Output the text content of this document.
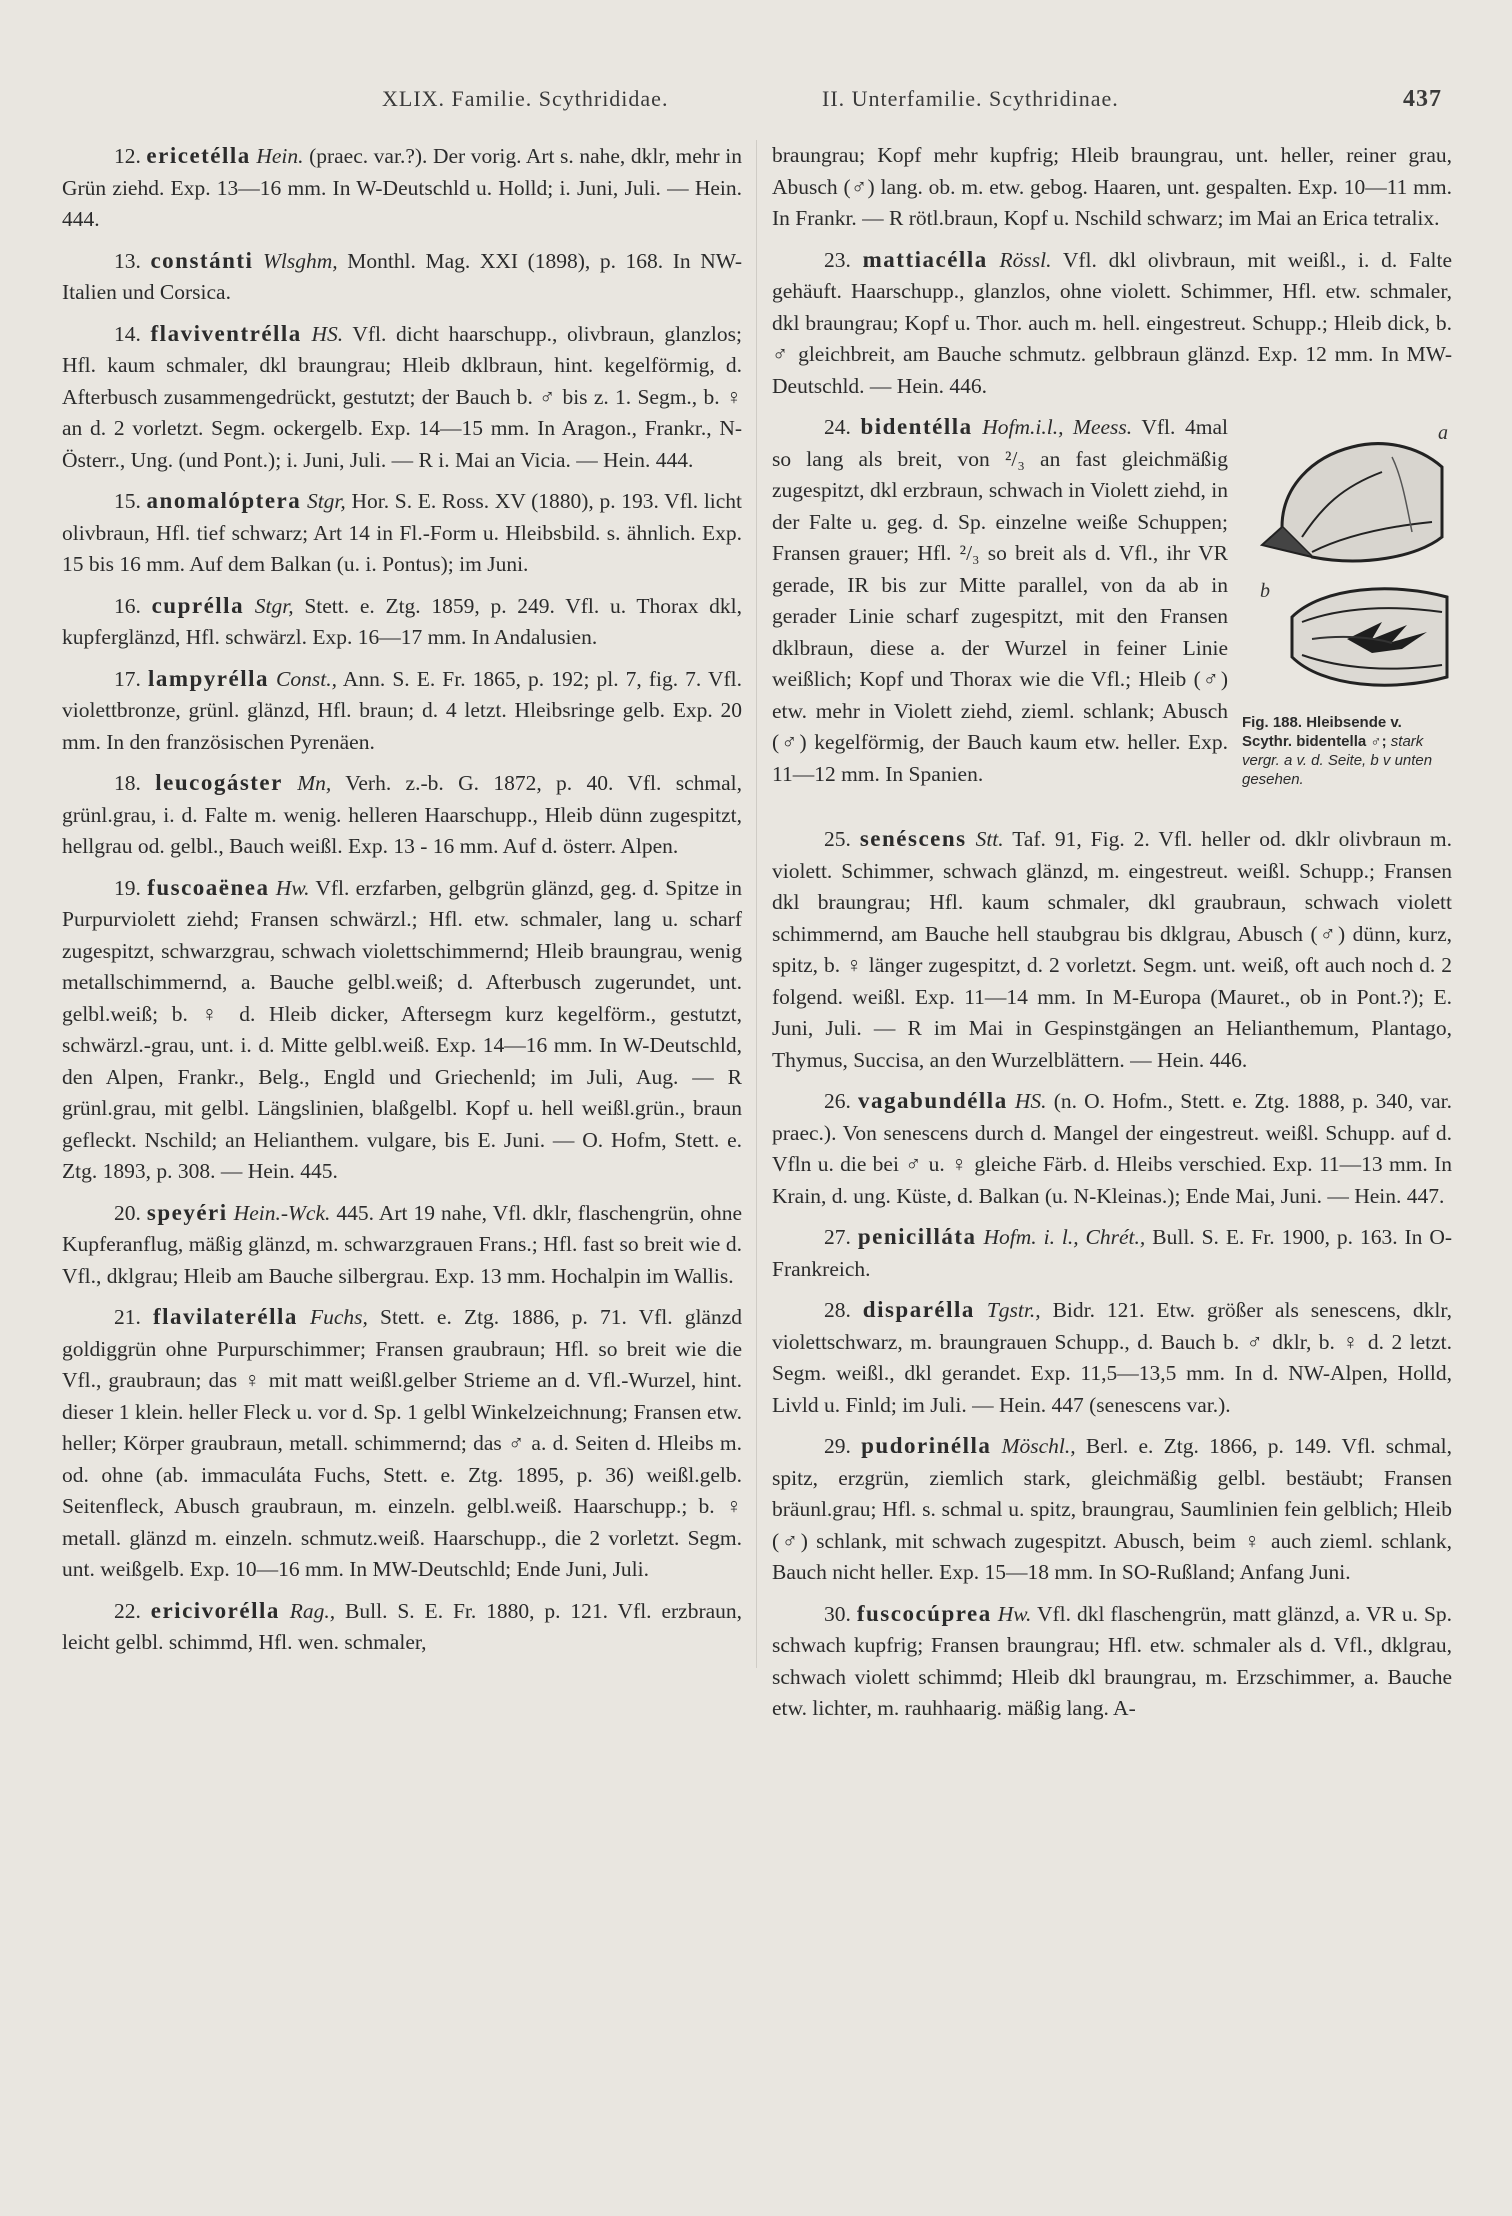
XLIX. Familie. Scythrididae.	II. Unterfamilie. Scythridinae.	437

12. ericetélla Hein. (praec. var.?). Der vorig. Art s. nahe, dklr, mehr in Grün ziehd. Exp. 13—16 mm. In W-Deutschld u. Holld; i. Juni, Juli. — Hein. 444.

13. constánti Wlsghm, Monthl. Mag. XXI (1898), p. 168. In NW-Italien und Corsica.

14. flaviventrélla HS. Vfl. dicht haarschupp., olivbraun, glanzlos; Hfl. kaum schmaler, dkl braungrau; Hleib dklbraun, hint. kegelförmig, d. Afterbusch zusammengedrückt, gestutzt; der Bauch b. ♂ bis z. 1. Segm., b. ♀ an d. 2 vorletzt. Segm. ockergelb. Exp. 14—15 mm. In Aragon., Frankr., N-Österr., Ung. (und Pont.); i. Juni, Juli. — R i. Mai an Vicia. — Hein. 444.

15. anomalóptera Stgr, Hor. S. E. Ross. XV (1880), p. 193. Vfl. licht olivbraun, Hfl. tief schwarz; Art 14 in Fl.-Form u. Hleibsbild. s. ähnlich. Exp. 15 bis 16 mm. Auf dem Balkan (u. i. Pontus); im Juni.

16. cuprélla Stgr, Stett. e. Ztg. 1859, p. 249. Vfl. u. Thorax dkl, kupferglänzd, Hfl. schwärzl. Exp. 16—17 mm. In Andalusien.

17. lampyrélla Const., Ann. S. E. Fr. 1865, p. 192; pl. 7, fig. 7. Vfl. violettbronze, grünl. glänzd, Hfl. braun; d. 4 letzt. Hleibsringe gelb. Exp. 20 mm. In den französischen Pyrenäen.

18. leucogáster Mn, Verh. z.-b. G. 1872, p. 40. Vfl. schmal, grünl.grau, i. d. Falte m. wenig. helleren Haarschupp., Hleib dünn zugespitzt, hellgrau od. gelbl., Bauch weißl. Exp. 13 - 16 mm. Auf d. österr. Alpen.

19. fuscoaënea Hw. Vfl. erzfarben, gelbgrün glänzd, geg. d. Spitze in Purpurviolett ziehd; Fransen schwärzl.; Hfl. etw. schmaler, lang u. scharf zugespitzt, schwarzgrau, schwach violettschimmernd; Hleib braungrau, wenig metallschimmernd, a. Bauche gelbl.weiß; d. Afterbusch zugerundet, unt. gelbl.weiß; b. ♀ d. Hleib dicker, Aftersegm kurz kegelförm., gestutzt, schwärzl.-grau, unt. i. d. Mitte gelbl.weiß. Exp. 14—16 mm. In W-Deutschld, den Alpen, Frankr., Belg., Engld und Griechenld; im Juli, Aug. — R grünl.grau, mit gelbl. Längslinien, blaßgelbl. Kopf u. hell weißl.grün., braun gefleckt. Nschild; an Helianthem. vulgare, bis E. Juni. — O. Hofm, Stett. e. Ztg. 1893, p. 308. — Hein. 445.

20. speyéri Hein.-Wck. 445. Art 19 nahe, Vfl. dklr, flaschengrün, ohne Kupferanflug, mäßig glänzd, m. schwarzgrauen Frans.; Hfl. fast so breit wie d. Vfl., dklgrau; Hleib am Bauche silbergrau. Exp. 13 mm. Hochalpin im Wallis.

21. flavilaterélla Fuchs, Stett. e. Ztg. 1886, p. 71. Vfl. glänzd goldiggrün ohne Purpurschimmer; Fransen graubraun; Hfl. so breit wie die Vfl., graubraun; das ♀ mit matt weißl.gelber Strieme an d. Vfl.-Wurzel, hint. dieser 1 klein. heller Fleck u. vor d. Sp. 1 gelbl Winkelzeichnung; Fransen etw. heller; Körper graubraun, metall. schimmernd; das ♂ a. d. Seiten d. Hleibs m. od. ohne (ab. immaculáta Fuchs, Stett. e. Ztg. 1895, p. 36) weißl.gelb. Seitenfleck, Abusch graubraun, m. einzeln. gelbl.weiß. Haarschupp.; b. ♀ metall. glänzd m. einzeln. schmutz.weiß. Haarschupp., die 2 vorletzt. Segm. unt. weißgelb. Exp. 10—16 mm. In MW-Deutschld; Ende Juni, Juli.

22. ericivorélla Rag., Bull. S. E. Fr. 1880, p. 121. Vfl. erzbraun, leicht gelbl. schimmd, Hfl. wen. schmaler,

braungrau; Kopf mehr kupfrig; Hleib braungrau, unt. heller, reiner grau, Abusch (♂) lang. ob. m. etw. gebog. Haaren, unt. gespalten. Exp. 10—11 mm. In Frankr. — R rötl.braun, Kopf u. Nschild schwarz; im Mai an Erica tetralix.

23. mattiacélla Rössl. Vfl. dkl olivbraun, mit weißl., i. d. Falte gehäuft. Haarschupp., glanzlos, ohne violett. Schimmer, Hfl. etw. schmaler, dkl braungrau; Kopf u. Thor. auch m. hell. eingestreut. Schupp.; Hleib dick, b. ♂ gleichbreit, am Bauche schmutz. gelbbraun glänzd. Exp. 12 mm. In MW-Deutschld. — Hein. 446.

a
b
Fig. 188. Hleibsende v. Scythr. bidentella ♂; stark vergr. a v. d. Seite, b v unten gesehen.

24. bidentélla Hofm.i.l., Meess. Vfl. 4mal so lang als breit, von ²/₃ an fast gleichmäßig zugespitzt, dkl erzbraun, schwach in Violett ziehd, in der Falte u. geg. d. Sp. einzelne weiße Schuppen; Fransen grauer; Hfl. ²/₃ so breit als d. Vfl., ihr VR gerade, IR bis zur Mitte parallel, von da ab in gerader Linie scharf zugespitzt, mit den Fransen dklbraun, diese a. der Wurzel in feiner Linie weißlich; Kopf und Thorax wie die Vfl.; Hleib (♂) etw. mehr in Violett ziehd, zieml. schlank; Abusch (♂) kegelförmig, der Bauch kaum etw. heller. Exp. 11—12 mm. In Spanien.

25. senéscens Stt. Taf. 91, Fig. 2. Vfl. heller od. dklr olivbraun m. violett. Schimmer, schwach glänzd, m. eingestreut. weißl. Schupp.; Fransen dkl braungrau; Hfl. kaum schmaler, dkl graubraun, schwach violett schimmernd, am Bauche hell staubgrau bis dklgrau, Abusch (♂) dünn, kurz, spitz, b. ♀ länger zugespitzt, d. 2 vorletzt. Segm. unt. weiß, oft auch noch d. 2 folgend. weißl. Exp. 11—14 mm. In M-Europa (Mauret., ob in Pont.?); E. Juni, Juli. — R im Mai in Gespinstgängen an Helianthemum, Plantago, Thymus, Succisa, an den Wurzelblättern. — Hein. 446.

26. vagabundélla HS. (n. O. Hofm., Stett. e. Ztg. 1888, p. 340, var. praec.). Von senescens durch d. Mangel der eingestreut. weißl. Schupp. auf d. Vfln u. die bei ♂ u. ♀ gleiche Färb. d. Hleibs verschied. Exp. 11—13 mm. In Krain, d. ung. Küste, d. Balkan (u. N-Kleinas.); Ende Mai, Juni. — Hein. 447.

27. penicilláta Hofm. i. l., Chrét., Bull. S. E. Fr. 1900, p. 163. In O-Frankreich.

28. disparélla Tgstr., Bidr. 121. Etw. größer als senescens, dklr, violettschwarz, m. braungrauen Schupp., d. Bauch b. ♂ dklr, b. ♀ d. 2 letzt. Segm. weißl., dkl gerandet. Exp. 11,5—13,5 mm. In d. NW-Alpen, Holld, Livld u. Finld; im Juli. — Hein. 447 (senescens var.).

29. pudorinélla Möschl., Berl. e. Ztg. 1866, p. 149. Vfl. schmal, spitz, erzgrün, ziemlich stark, gleichmäßig gelbl. bestäubt; Fransen bräunl.grau; Hfl. s. schmal u. spitz, braungrau, Saumlinien fein gelblich; Hleib (♂) schlank, mit schwach zugespitzt. Abusch, beim ♀ auch zieml. schlank, Bauch nicht heller. Exp. 15—18 mm. In SO-Rußland; Anfang Juni.

30. fuscocúprea Hw. Vfl. dkl flaschengrün, matt glänzd, a. VR u. Sp. schwach kupfrig; Fransen braungrau; Hfl. etw. schmaler als d. Vfl., dklgrau, schwach violett schimmd; Hleib dkl braungrau, m. Erzschimmer, a. Bauche etw. lichter, m. rauhhaarig. mäßig lang. A-
